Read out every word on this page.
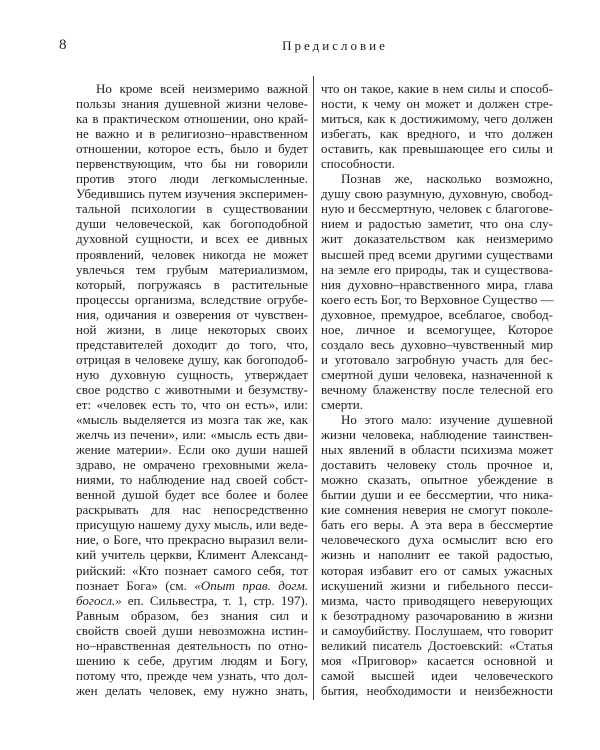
8	Предисловие
Но кроме всей неизмеримо важной
пользы знания душевной жизни челове-
ка в практическом отношении, оно край-
не важно и в религиозно–нравственном
отношении, которое есть, было и будет
первенствующим, что бы ни говорили
против этого люди легкомысленные.
Убедившись путем изучения эксперимен-
тальной психологии в существовании
души человеческой, как богоподобной
духовной сущности, и всех ее дивных
проявлений, человек никогда не может
увлечься тем грубым материализмом,
который, погружаясь в растительные
процессы организма, вследствие огрубе-
ния, одичания и озверения от чувствен-
ной жизни, в лице некоторых своих
представителей доходит до того, что,
отрицая в человеке душу, как богоподоб-
ную духовную сущность, утверждает
свое родство с животными и безумству-
ет: «человек есть то, что он есть», или:
«мысль выделяется из мозга так же, как
желчь из печени», или: «мысль есть дви-
жение материи». Если око души нашей
здраво, не омрачено греховными жела-
ниями, то наблюдение над своей собст-
венной душой будет все более и более
раскрывать для нас непосредственно
присущую нашему духу мысль, или веде-
ние, о Боге, что прекрасно выразил вели-
кий учитель церкви, Климент Александ-
рийский: «Кто познает самого себя, тот
познает Бога» (см. «Опыт прав. догм.
богосл.» еп. Сильвестра, т. 1, стр. 197).
Равным образом, без знания сил и
свойств своей души невозможна истин-
но–нравственная деятельность по отно-
шению к себе, другим людям и Богу,
потому что, прежде чем узнать, что дол-
жен делать человек, ему нужно знать,
что он такое, какие в нем силы и способ-
ности, к чему он может и должен стре-
миться, как к достижимому, чего должен
избегать, как вредного, и что должен
оставить, как превышающее его силы и
способности.
Познав же, насколько возможно,
душу свою разумную, духовную, свобод-
ную и бессмертную, человек с благогове-
нием и радостью заметит, что она слу-
жит доказательством как неизмеримо
высшей пред всеми другими существами
на земле его природы, так и существова-
ния духовно–нравственного мира, глава
коего есть Бог, то Верховное Существо —
духовное, премудрое, всеблагое, свобод-
ное, личное и всемогущее, Которое
создало весь духовно–чувственный мир
и уготовало загробную участь для бес-
смертной души человека, назначенной к
вечному блаженству после телесной его
смерти.
Но этого мало: изучение душевной
жизни человека, наблюдение таинствен-
ных явлений в области психизма может
доставить человеку столь прочное и,
можно сказать, опытное убеждение в
бытии души и ее бессмертии, что ника-
кие сомнения неверия не смогут поколе-
бать его веры. А эта вера в бессмертие
человеческого духа осмыслит всю его
жизнь и наполнит ее такой радостью,
которая избавит его от самых ужасных
искушений жизни и гибельного песси-
мизма, часто приводящего неверующих
к безотрадному разочарованию в жизни
и самоубийству. Послушаем, что говорит
великий писатель Достоевский: «Статья
моя «Приговор» касается основной и
самой высшей идеи человеческого
бытия, необходимости и неизбежности
